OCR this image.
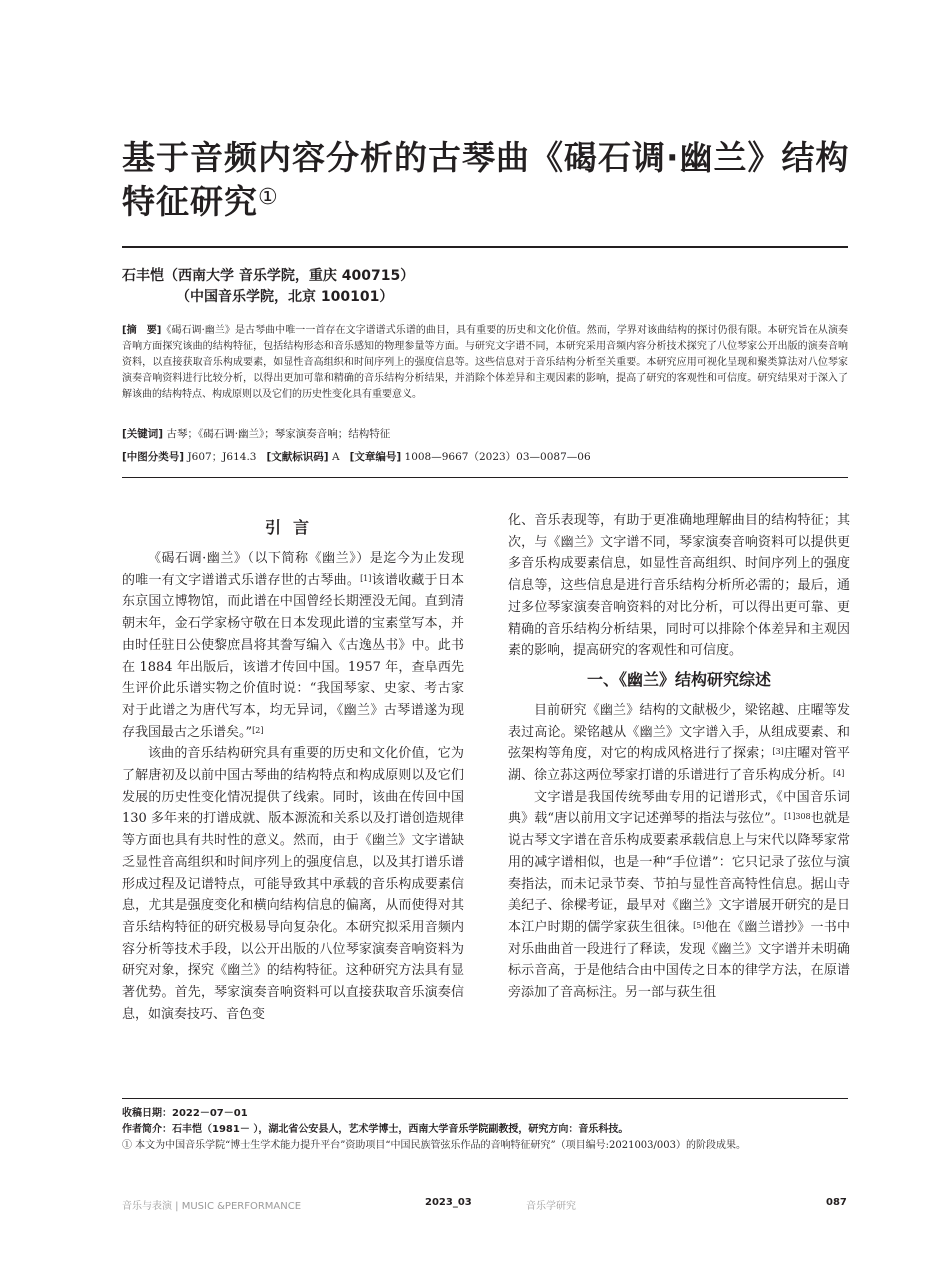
基于音频内容分析的古琴曲《碣石调·幽兰》结构特征研究①
石丰恺（西南大学 音乐学院，重庆 400715）
（中国音乐学院，北京 100101）
[摘　要]《碣石调·幽兰》是古琴曲中唯一一首存在文字谱谱式乐谱的曲目，具有重要的历史和文化价值。然而，学界对该曲结构的探讨仍很有限。本研究旨在从演奏音响方面探究该曲的结构特征，包括结构形态和音乐感知的物理参量等方面。与研究文字谱不同，本研究采用音频内容分析技术探究了八位琴家公开出版的演奏音响资料，以直接获取音乐构成要素，如显性音高组织和时间序列上的强度信息等。这些信息对于音乐结构分析至关重要。本研究应用可视化呈现和聚类算法对八位琴家演奏音响资料进行比较分析，以得出更加可靠和精确的音乐结构分析结果，并消除个体差异和主观因素的影响，提高了研究的客观性和可信度。研究结果对于深入了解该曲的结构特点、构成原则以及它们的历史性变化具有重要意义。
[关键词] 古琴；《碣石调·幽兰》；琴家演奏音响；结构特征
[中图分类号] J607；J614.3 [文献标识码] A [文章编号] 1008—9667（2023）03—0087—06
引言

《碣石调·幽兰》（以下简称《幽兰》）是迄今为止发现的唯一有文字谱谱式乐谱存世的古琴曲。[1]该谱收藏于日本东京国立博物馆，而此谱在中国曾经长期湮没无闻。直到清朝末年，金石学家杨守敬在日本发现此谱的宝素堂写本，并由时任驻日公使黎庶昌将其誊写编入《古逸丛书》中。此书在 1884 年出版后，该谱才传回中国。1957 年，查阜西先生评价此乐谱实物之价值时说：“我国琴家、史家、考古家对于此谱之为唐代写本，均无异词，《幽兰》古琴谱遂为现存我国最古之乐谱矣。”[2]

该曲的音乐结构研究具有重要的历史和文化价值，它为了解唐初及以前中国古琴曲的结构特点和构成原则以及它们发展的历史性变化情况提供了线索。同时，该曲在传回中国 130 多年来的打谱成就、版本源流和关系以及打谱创造规律等方面也具有共时性的意义。然而，由于《幽兰》文字谱缺乏显性音高组织和时间序列上的强度信息，以及其打谱乐谱形成过程及记谱特点，可能导致其中承载的音乐构成要素信息，尤其是强度变化和横向结构信息的偏离，从而使得对其音乐结构特征的研究极易导向复杂化。本研究拟采用音频内容分析等技术手段，以公开出版的八位琴家演奏音响资料为研究对象，探究《幽兰》的结构特征。这种研究方法具有显著优势。首先，琴家演奏音响资料可以直接获取音乐演奏信息，如演奏技巧、音色变

化、音乐表现等，有助于更准确地理解曲目的结构特征；其次，与《幽兰》文字谱不同，琴家演奏音响资料可以提供更多音乐构成要素信息，如显性音高组织、时间序列上的强度信息等，这些信息是进行音乐结构分析所必需的；最后，通过多位琴家演奏音响资料的对比分析，可以得出更可靠、更精确的音乐结构分析结果，同时可以排除个体差异和主观因素的影响，提高研究的客观性和可信度。

一、《幽兰》结构研究综述

目前研究《幽兰》结构的文献极少，梁铭越、庄曜等发表过高论。梁铭越从《幽兰》文字谱入手，从组成要素、和弦架构等角度，对它的构成风格进行了探索；[3]庄曜对管平湖、徐立荪这两位琴家打谱的乐谱进行了音乐构成分析。[4]

文字谱是我国传统琴曲专用的记谱形式，《中国音乐词典》载“唐以前用文字记述弹琴的指法与弦位”。$^{[1]308}$也就是说古琴文字谱在音乐构成要素承载信息上与宋代以降琴家常用的减字谱相似，也是一种“手位谱”：它只记录了弦位与演奏指法，而未记录节奏、节拍与显性音高特性信息。据山寺美纪子、徐樑考证，最早对《幽兰》文字谱展开研究的是日本江户时期的儒学家荻生徂徕。[5]他在《幽兰谱抄》一书中对乐曲曲首一段进行了释读，发现《幽兰》文字谱并未明确标示音高，于是他结合由中国传之日本的律学方法，在原谱旁添加了音高标注。另一部与荻生徂

收稿日期：2022－07－01
作者简介：石丰恺（1981－ ），湖北省公安县人，艺术学博士，西南大学音乐学院副教授，研究方向：音乐科技。
① 本文为中国音乐学院“博士生学术能力提升平台”资助项目“中国民族管弦乐作品的音响特征研究”（项目编号:2021003/003）的阶段成果。
音乐与表演 | MUSIC &PERFORMANCE	2023_03	音乐学研究	087
